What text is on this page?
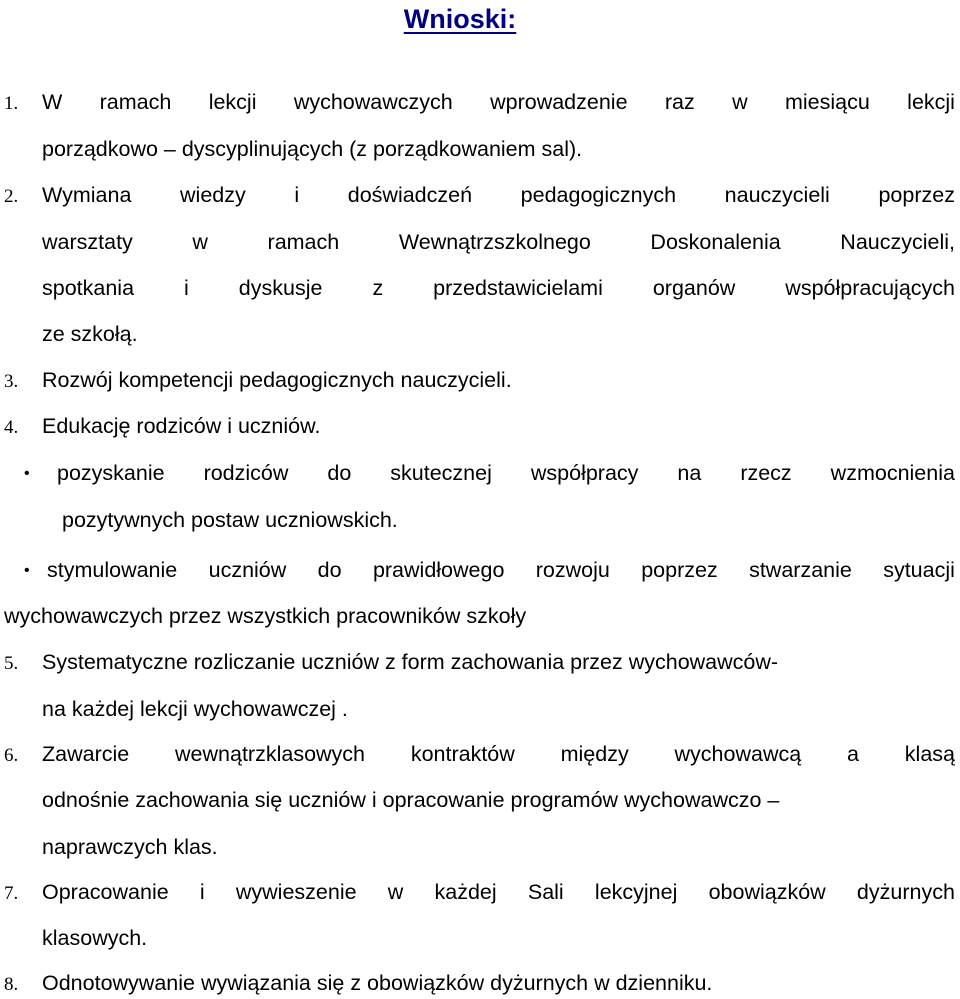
Wnioski:
1. W ramach lekcji wychowawczych wprowadzenie raz w miesiącu lekcji
porządkowo – dyscyplinujących (z porządkowaniem sal).
2. Wymiana wiedzy i doświadczeń pedagogicznych nauczycieli poprzez
warsztaty	w	ramach	Wewnątrzszkolnego	Doskonalenia	Nauczycieli,
spotkania i dyskusje z przedstawicielami organów współpracujących
ze szkołą.
3. Rozwój kompetencji pedagogicznych nauczycieli.
4. Edukację rodziców i uczniów.
• pozyskanie rodziców do skutecznej współpracy na rzecz wzmocnienia
pozytywnych postaw uczniowskich.
• stymulowanie uczniów do prawidłowego rozwoju poprzez stwarzanie sytuacji
wychowawczych przez wszystkich pracowników szkoły
5. Systematyczne rozliczanie uczniów z form zachowania przez wychowawców-
na każdej lekcji wychowawczej .
6. Zawarcie wewnątrzklasowych kontraktów między wychowawcą a klasą
odnośnie zachowania się uczniów i opracowanie programów wychowawczo –
naprawczych klas.
7. Opracowanie i wywieszenie w każdej Sali lekcyjnej obowiązków dyżurnych
klasowych.
8. Odnotowywanie wywiązania się z obowiązków dyżurnych w dzienniku.
